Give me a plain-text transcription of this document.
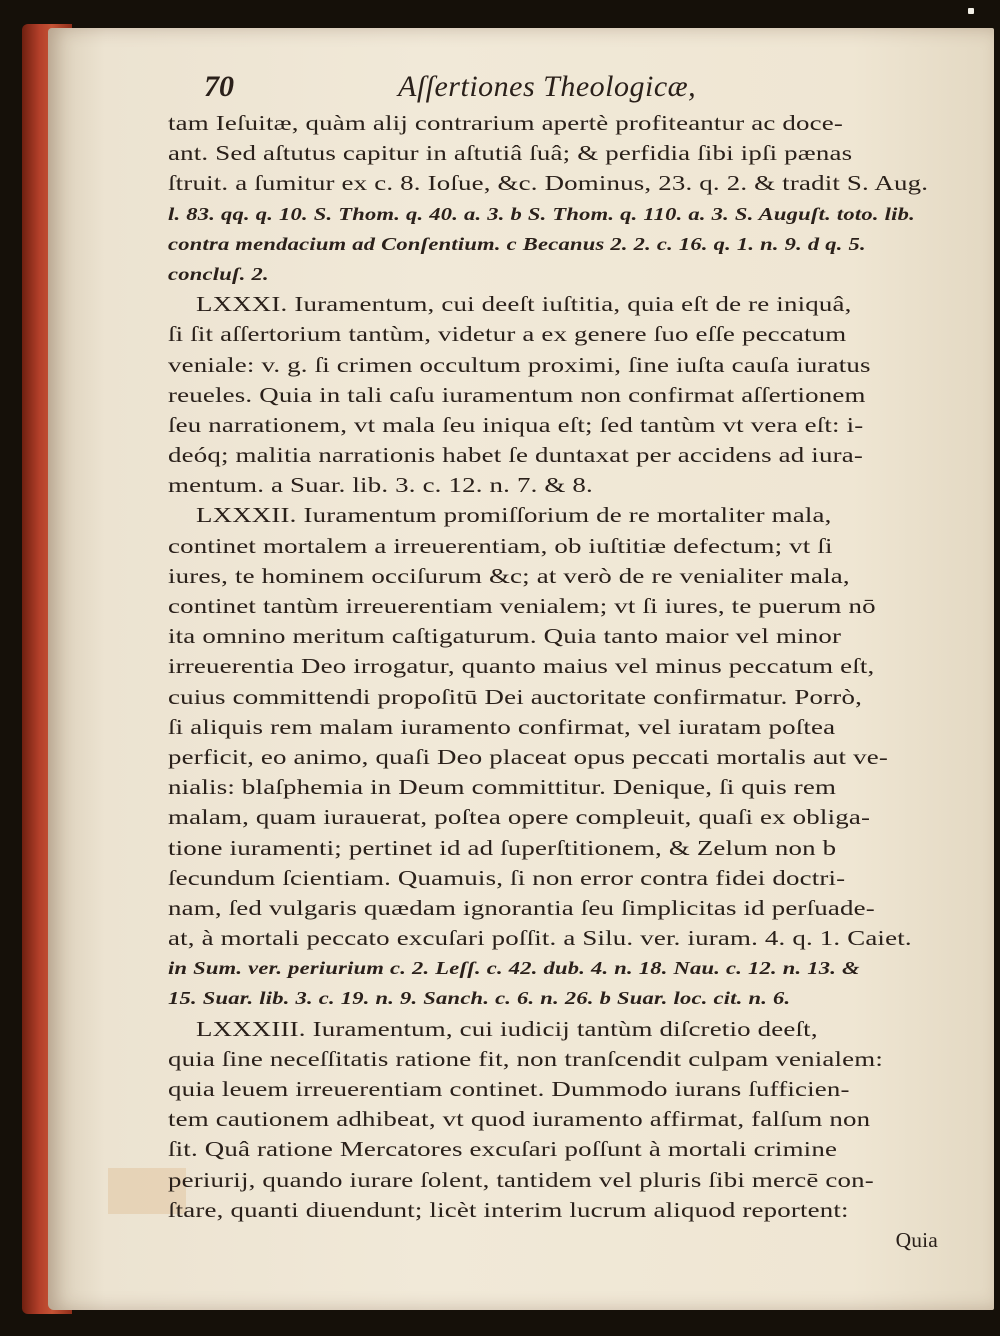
70	Aſſertiones Theologicæ,
tam Ieſuitæ, quàm alij contrarium apertè profiteantur ac doce-
ant. Sed aſtutus capitur in aſtutiâ ſuâ; & perfidia ſibi ipſi pænas
ſtruit. a ſumitur ex c. 8. Ioſue, &c. Dominus, 23. q. 2. & tradit S. Aug.
l. 83. qq. q. 10. S. Thom. q. 40. a. 3. b S. Thom. q. 110. a. 3. S. Auguſt. toto. lib.
contra mendacium ad Conſentium. c Becanus 2. 2. c. 16. q. 1. n. 9. d q. 5.
concluſ. 2.
LXXXI. Iuramentum, cui deeſt iuſtitia, quia eſt de re iniquâ,
ſi ſit aſſertorium tantùm, videtur a ex genere ſuo eſſe peccatum
veniale: v. g. ſi crimen occultum proximi, ſine iuſta cauſa iuratus
reueles. Quia in tali caſu iuramentum non confirmat aſſertionem
ſeu narrationem, vt mala ſeu iniqua eſt; ſed tantùm vt vera eſt: i-
deóq; malitia narrationis habet ſe duntaxat per accidens ad iura-
mentum. a Suar. lib. 3. c. 12. n. 7. & 8.
LXXXII. Iuramentum promiſſorium de re mortaliter mala,
continet mortalem a irreuerentiam, ob iuſtitiæ defectum; vt ſi
iures, te hominem occiſurum &c; at verò de re venialiter mala,
continet tantùm irreuerentiam venialem; vt ſi iures, te puerum nō
ita omnino meritum caſtigaturum. Quia tanto maior vel minor
irreuerentia Deo irrogatur, quanto maius vel minus peccatum eſt,
cuius committendi propoſitū Dei auctoritate confirmatur. Porrò,
ſi aliquis rem malam iuramento confirmat, vel iuratam poſtea
perficit, eo animo, quaſi Deo placeat opus peccati mortalis aut ve-
nialis: blaſphemia in Deum committitur. Denique, ſi quis rem
malam, quam iurauerat, poſtea opere compleuit, quaſi ex obliga-
tione iuramenti; pertinet id ad ſuperſtitionem, & Zelum non b
ſecundum ſcientiam. Quamuis, ſi non error contra fidei doctri-
nam, ſed vulgaris quædam ignorantia ſeu ſimplicitas id perſuade-
at, à mortali peccato excuſari poſſit. a Silu. ver. iuram. 4. q. 1. Caiet.
in Sum. ver. periurium c. 2. Leſſ. c. 42. dub. 4. n. 18. Nau. c. 12. n. 13. &
15. Suar. lib. 3. c. 19. n. 9. Sanch. c. 6. n. 26. b Suar. loc. cit. n. 6.
LXXXIII. Iuramentum, cui iudicij tantùm diſcretio deeſt,
quia ſine neceſſitatis ratione fit, non tranſcendit culpam venialem:
quia leuem irreuerentiam continet. Dummodo iurans ſufficien-
tem cautionem adhibeat, vt quod iuramento affirmat, falſum non
ſit. Quâ ratione Mercatores excuſari poſſunt à mortali crimine
periurij, quando iurare ſolent, tantidem vel pluris ſibi mercē con-
ſtare, quanti diuendunt; licèt interim lucrum aliquod reportent:
Quia
